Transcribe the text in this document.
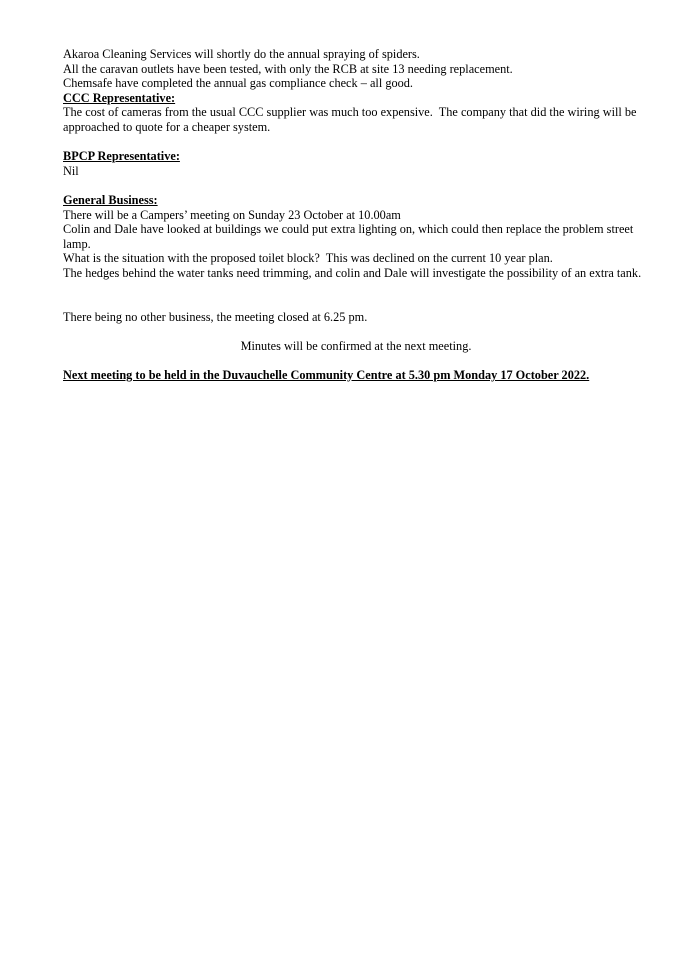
Akaroa Cleaning Services will shortly do the annual spraying of spiders.

All the caravan outlets have been tested, with only the RCB at site 13 needing replacement.

Chemsafe have completed the annual gas compliance check – all good.

CCC Representative:

The cost of cameras from the usual CCC supplier was much too expensive.  The company that did the wiring will be approached to quote for a cheaper system.

BPCP Representative:

Nil

General Business:

There will be a Campers’ meeting on Sunday 23 October at 10.00am

Colin and Dale have looked at buildings we could put extra lighting on, which could then replace the problem street lamp.

What is the situation with the proposed toilet block?  This was declined on the current 10 year plan.

The hedges behind the water tanks need trimming, and colin and Dale will investigate the possibility of an extra tank.

There being no other business, the meeting closed at 6.25 pm.

Minutes will be confirmed at the next meeting.

Next meeting to be held in the Duvauchelle Community Centre at 5.30 pm Monday 17 October 2022.
